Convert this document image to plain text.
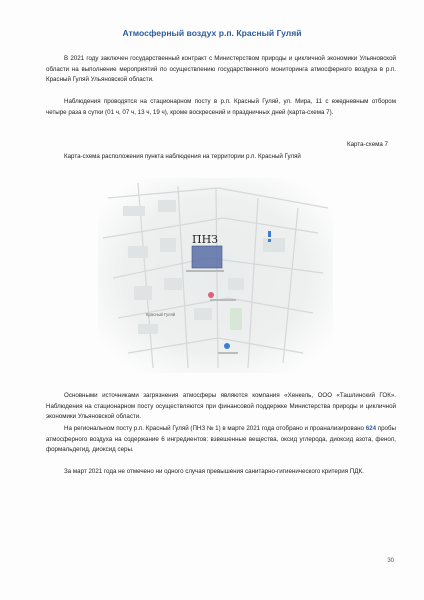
Атмосферный воздух р.п. Красный Гуляй

В 2021 году заключен государственный контракт с Министерством природы и цикличной экономики Ульяновской области на выполнение мероприятий по осуществлению государственного мониторинга атмосферного воздуха в р.п. Красный Гуляй Ульяновской области.

Наблюдения проводятся на стационарном посту в р.п. Красный Гуляй, ул. Мира, 11 с ежедневным отбором четыре раза в сутки (01 ч, 07 ч, 13 ч, 19 ч), кроме воскресений и праздничных дней (карта-схема 7).

Карта-схема 7
Карта-схема расположения пункта наблюдения на территории р.п. Красный Гуляй
ПНЗ
Красный Гуляй

Основными источниками загрязнения атмосферы являются компания «Хенкель, ООО «Ташлинский ГОК». Наблюдения на стационарном посту осуществляются при финансовой поддержке Министерства природы и цикличной экономики Ульяновской области.

На региональном посту р.п. Красный Гуляй (ПНЗ № 1) в марте 2021 года отобрано и проанализировано 624 пробы атмосферного воздуха на содержание 6 ингредиентов: взвешенные вещества, оксид углерода, диоксид азота, фенол, формальдегид, диоксид серы.

За март 2021 года не отмечено ни одного случая превышения санитарно-гигиенического критерия ПДК.

30
